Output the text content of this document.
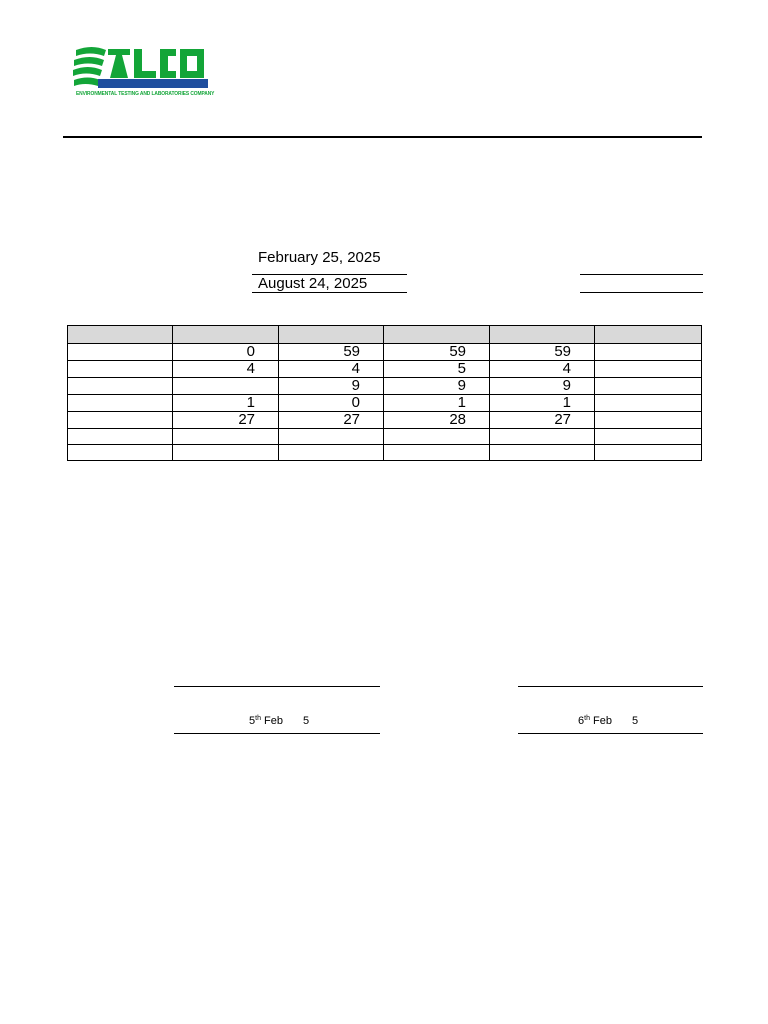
ENVIRONMENTAL TESTING AND LABORATORIES COMPANY
February 25, 2025
August 24, 2025

	0	59	59	59	
	4	4	5	4	
		9	9	9	
	1	0	1	1	
	27	27	28	27	

5th Feb 5	6th Feb 5
